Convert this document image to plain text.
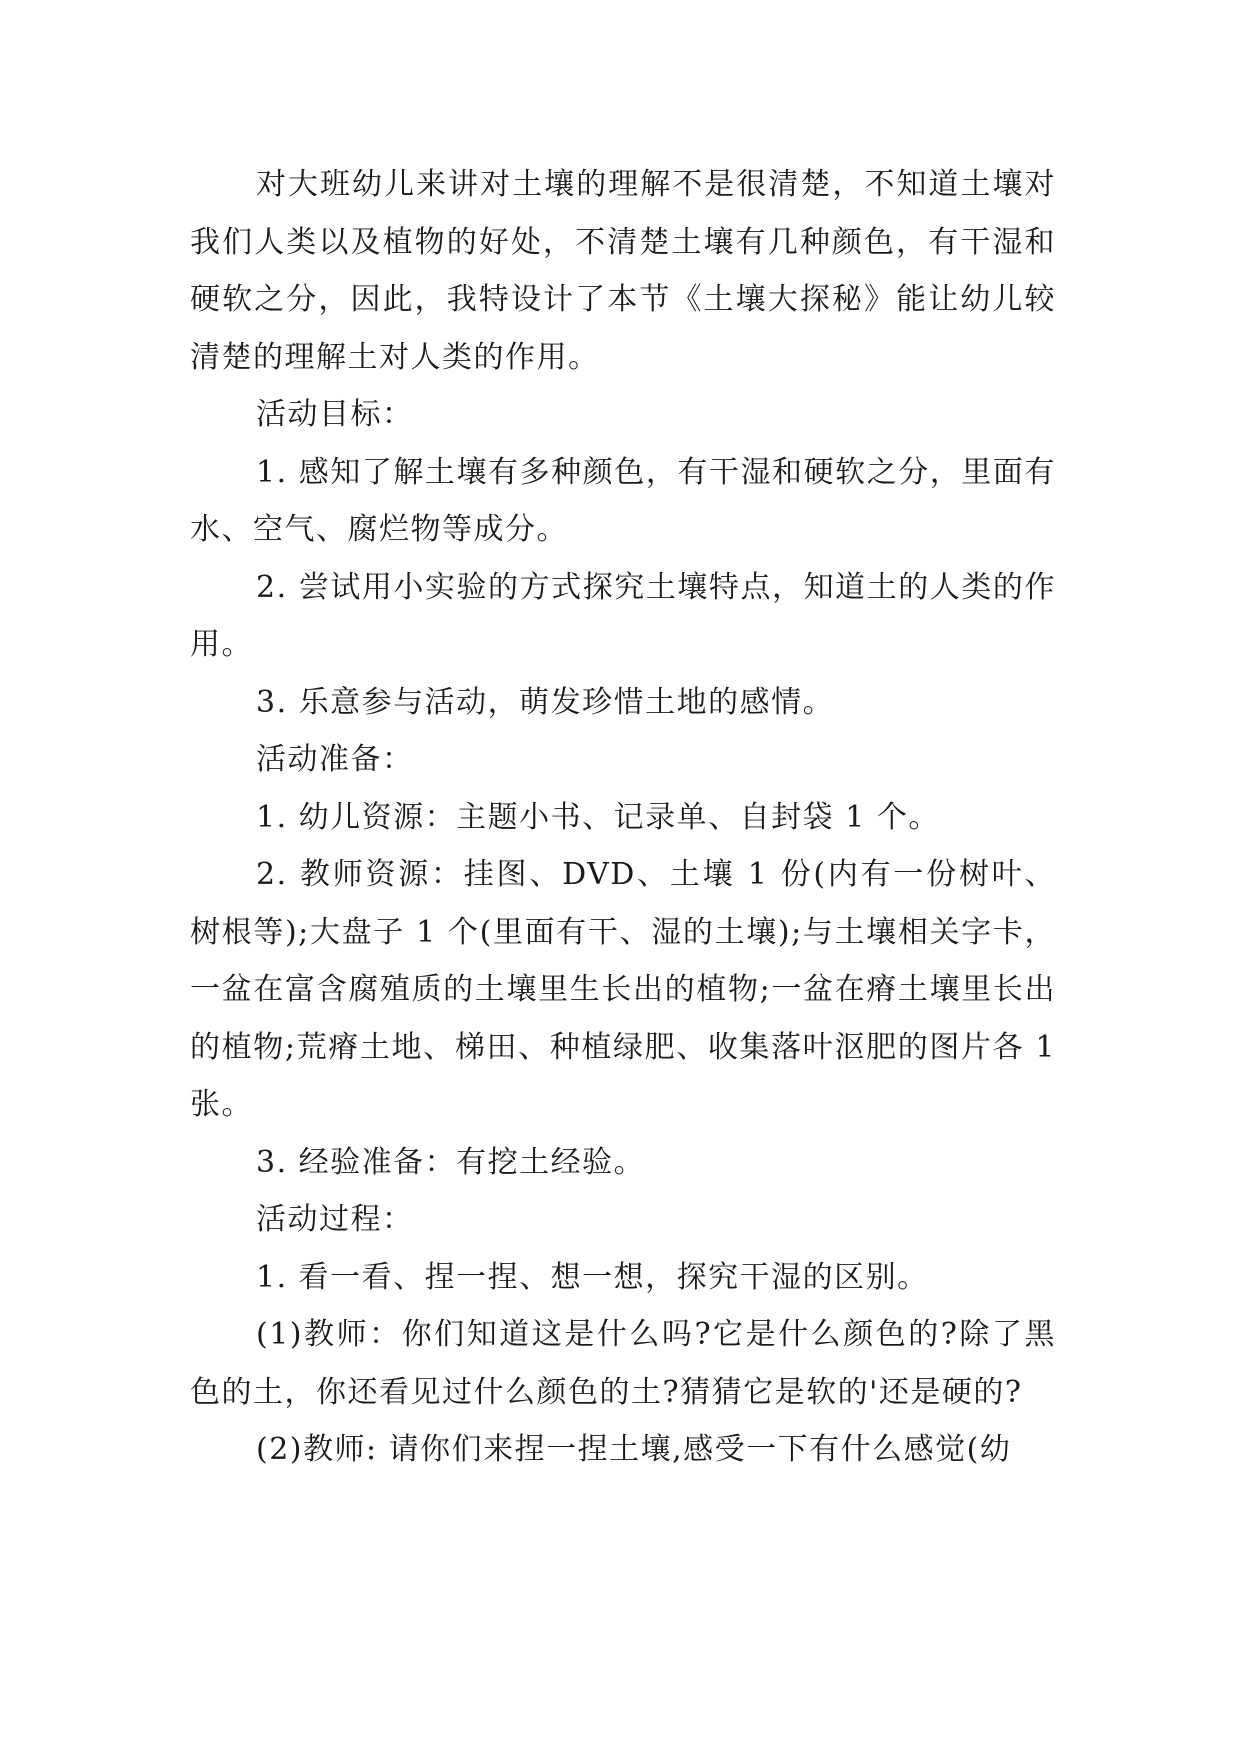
对大班幼儿来讲对土壤的理解不是很清楚，不知道土壤对我们人类以及植物的好处，不清楚土壤有几种颜色，有干湿和硬软之分，因此，我特设计了本节《土壤大探秘》能让幼儿较清楚的理解土对人类的作用。

活动目标：

1. 感知了解土壤有多种颜色，有干湿和硬软之分，里面有水、空气、腐烂物等成分。

2. 尝试用小实验的方式探究土壤特点，知道土的人类的作用。

3. 乐意参与活动，萌发珍惜土地的感情。

活动准备：

1. 幼儿资源：主题小书、记录单、自封袋 1 个。

2. 教师资源：挂图、DVD、土壤 1 份(内有一份树叶、树根等);大盘子 1 个(里面有干、湿的土壤);与土壤相关字卡，一盆在富含腐殖质的土壤里生长出的植物;一盆在瘠土壤里长出的植物;荒瘠土地、梯田、种植绿肥、收集落叶沤肥的图片各 1 张。

3. 经验准备：有挖土经验。

活动过程：

1. 看一看、捏一捏、想一想，探究干湿的区别。

(1)教师：你们知道这是什么吗?它是什么颜色的?除了黑色的土，你还看见过什么颜色的土?猜猜它是软的'还是硬的?

(2)教师: 请你们来捏一捏土壤,感受一下有什么感觉(幼
